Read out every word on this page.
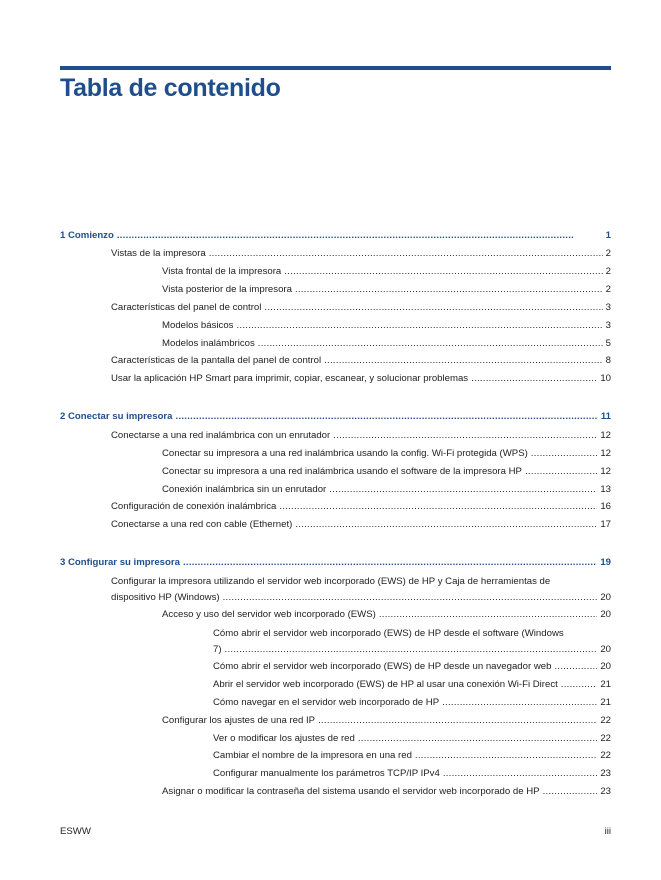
Tabla de contenido
1 Comienzo . . .	1
Vistas de la impresora . . .	2
Vista frontal de la impresora . . .	2
Vista posterior de la impresora . . .	2
Características del panel de control . . .	3
Modelos básicos . . .	3
Modelos inalámbricos . . .	5
Características de la pantalla del panel de control . . .	8
Usar la aplicación HP Smart para imprimir, copiar, escanear, y solucionar problemas . . .	10
2 Conectar su impresora . . .	11
Conectarse a una red inalámbrica con un enrutador . . .	12
Conectar su impresora a una red inalámbrica usando la config. Wi-Fi protegida (WPS) . . .	12
Conectar su impresora a una red inalámbrica usando el software de la impresora HP . . .	12
Conexión inalámbrica sin un enrutador . . .	13
Configuración de conexión inalámbrica . . .	16
Conectarse a una red con cable (Ethernet) . . .	17
3 Configurar su impresora . . .	19
Configurar la impresora utilizando el servidor web incorporado (EWS) de HP y Caja de herramientas de
dispositivo HP (Windows) . . .	20
Acceso y uso del servidor web incorporado (EWS) . . .	20
Cómo abrir el servidor web incorporado (EWS) de HP desde el software (Windows
7) . . .	20
Cómo abrir el servidor web incorporado (EWS) de HP desde un navegador web . . .	20
Abrir el servidor web incorporado (EWS) de HP al usar una conexión Wi-Fi Direct . . .	21
Cómo navegar en el servidor web incorporado de HP . . .	21
Configurar los ajustes de una red IP . . .	22
Ver o modificar los ajustes de red . . .	22
Cambiar el nombre de la impresora en una red . . .	22
Configurar manualmente los parámetros TCP/IP IPv4 . . .	23
Asignar o modificar la contraseña del sistema usando el servidor web incorporado de HP . . .	23
ESWW	iii
